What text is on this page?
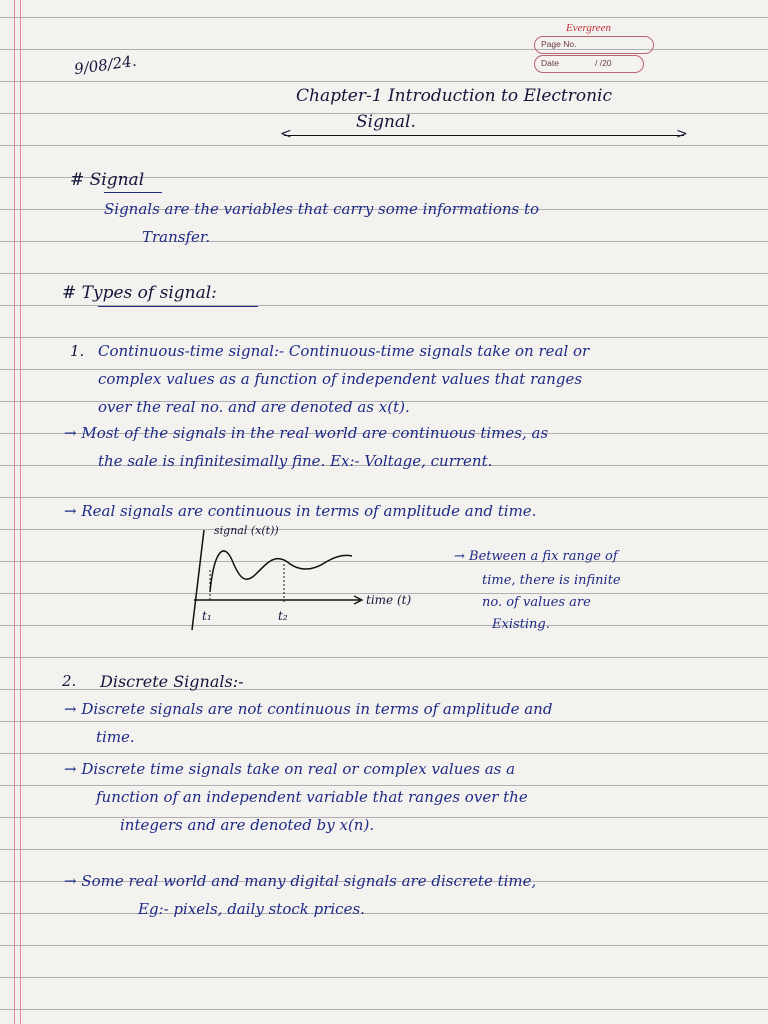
Evergreen
Page No.
Date	/ /20
9/08/24.
Chapter-1 Introduction to Electronic
Signal.
<	>
# Signal
Signals are the variables that carry some informations to
Transfer.
# Types of signal:
1. Continuous-time signal:- Continuous-time signals take on real or
complex values as a function of independent values that ranges
over the real no. and are denoted as x(t).
→ Most of the signals in the real world are continuous times, as
the sale is infinitesimally fine. Ex:- Voltage, current.
→ Real signals are continuous in terms of amplitude and time.
signal (x(t))
time (t)
t₁	t₂
→ Between a fix range of
time, there is infinite
no. of values are
Existing.
2. Discrete Signals:-
→ Discrete signals are not continuous in terms of amplitude and
time.
→ Discrete time signals take on real or complex values as a
function of an independent variable that ranges over the
integers and are denoted by x(n).
→ Some real world and many digital signals are discrete time,
Eg:- pixels, daily stock prices.
